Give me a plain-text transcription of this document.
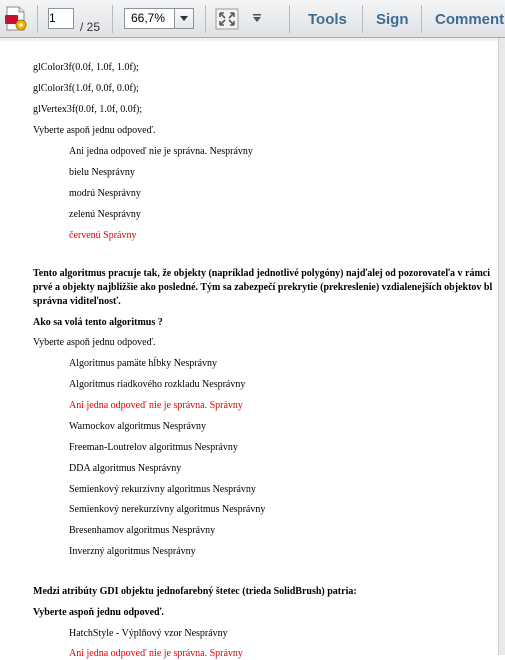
1
/ 25
66,7%	Tools Sign Comment
glColor3f(0.0f, 1.0f, 1.0f);
glColor3f(1.0f, 0.0f, 0.0f);
glVertex3f(0.0f, 1.0f, 0.0f);
Vyberte aspoň jednu odpoveď.
Ani jedna odpoveď nie je správna. Nesprávny
bielu Nesprávny
modrú Nesprávny
zelenú Nesprávny
červenú Správny
Tento algoritmus pracuje tak, že objekty (napríklad jednotlivé polygóny) najďalej od pozorovateľa v rámci
prvé a objekty najbližšie ako posledné. Tým sa zabezpečí prekrytie (prekreslenie) vzdialenejších objektov bl
správna viditeľnosť.
Ako sa volá tento algoritmus ?
Vyberte aspoň jednu odpoveď.
Algoritmus pamäte hĺbky Nesprávny
Algoritmus riadkového rozkladu Nesprávny
Ani jedna odpoveď nie je správna. Správny
Warnockov algoritmus Nesprávny
Freeman-Loutrelov algoritmus Nesprávny
DDA algoritmus Nesprávny
Semienkový rekurzívny algoritmus Nesprávny
Semienkový nerekurzívny algoritmus Nesprávny
Bresenhamov algoritmus Nesprávny
Inverzný algoritmus Nesprávny
Medzi atribúty GDI objektu jednofarebný štetec (trieda SolidBrush) patria:
Vyberte aspoň jednu odpoveď.
HatchStyle - Výplňový vzor Nesprávny
Ani jedna odpoveď nie je správna. Správny
